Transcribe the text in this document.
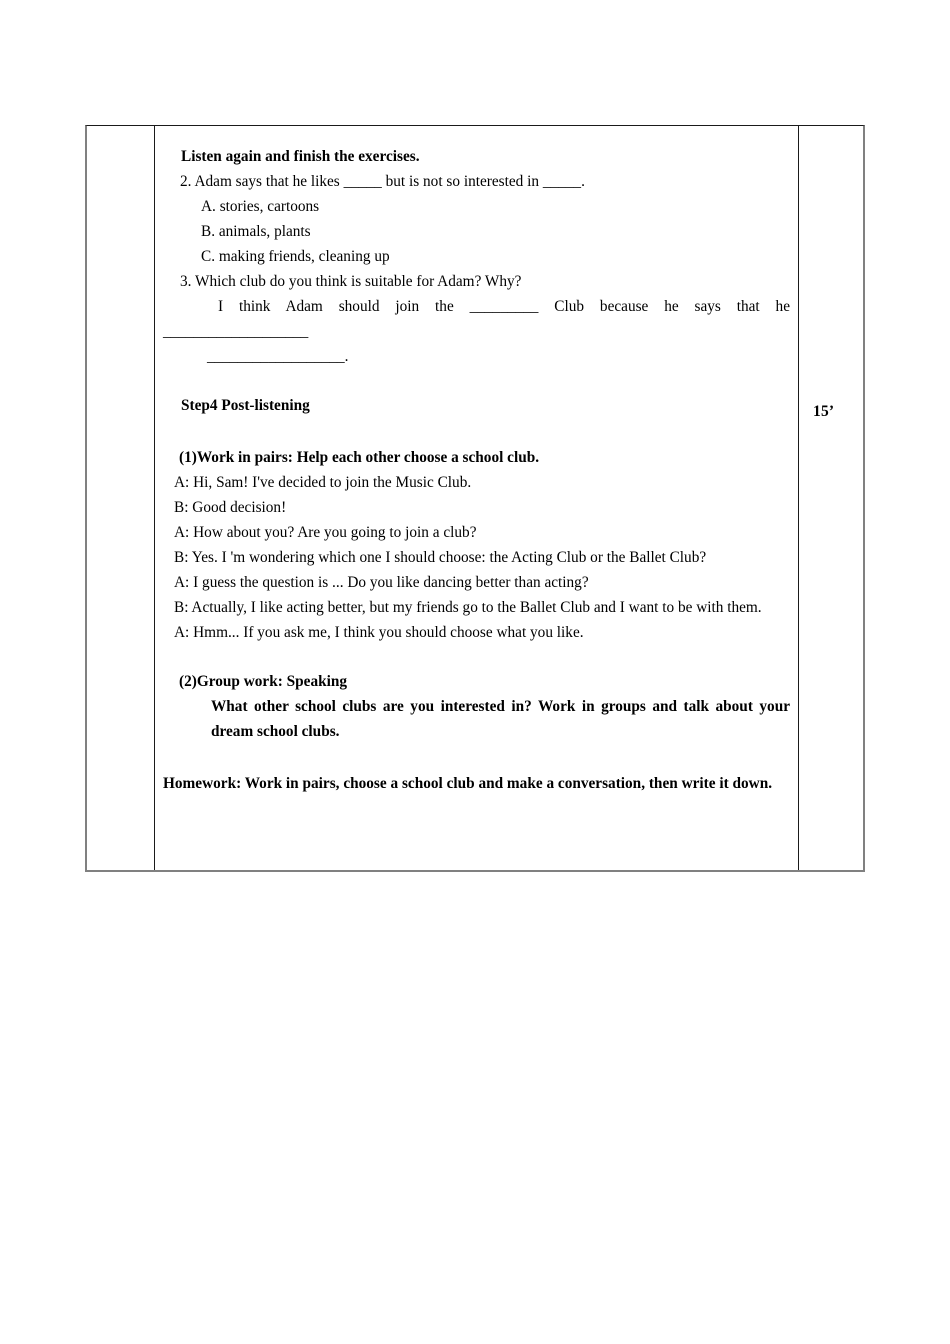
Listen again and finish the exercises.

2. Adam says that he likes _____ but is not so interested in _____.

A. stories, cartoons

B. animals, plants

C. making friends, cleaning up

3. Which club do you think is suitable for Adam? Why?

I think Adam should join the _________ Club because he says that he

___________________

__________________.

Step4 Post-listening

(1)Work in pairs: Help each other choose a school club.

A: Hi, Sam! I've decided to join the Music Club.

B: Good decision!

A: How about you? Are you going to join a club?

B: Yes. I 'm wondering which one I should choose: the Acting Club or the Ballet Club?

A: I guess the question is ... Do you like dancing better than acting?

B: Actually, I like acting better, but my friends go to the Ballet Club and I want to be with them.

A: Hmm... If you ask me, I think you should choose what you like.

(2)Group work: Speaking

What other school clubs are you interested in? Work in groups and talk about your dream school clubs.

Homework: Work in pairs, choose a school club and make a conversation, then write it down.

15’
